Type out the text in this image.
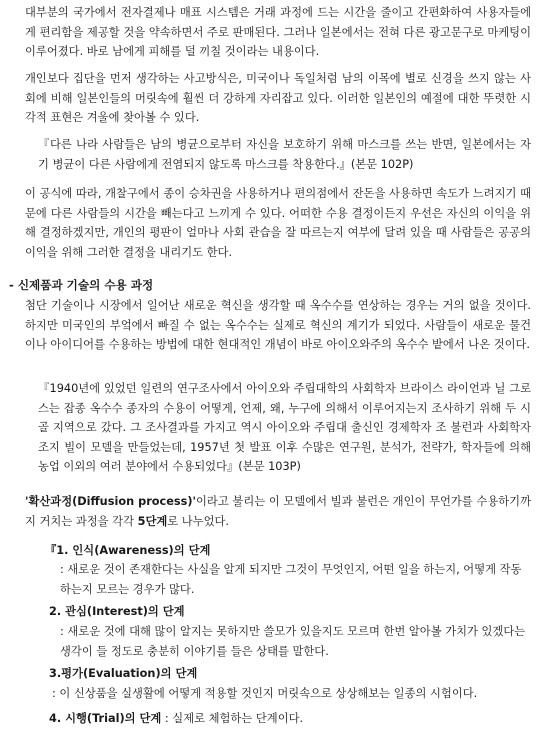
대부분의 국가에서 전자결제나 매표 시스템은 거래 과정에 드는 시간을 줄이고 간편화하여 사용자들에게 편리함을 제공할 것을 약속하면서 주로 판매된다. 그러나 일본에서는 전혀 다른 광고문구로 마케팅이 이루어졌다. 바로 남에게 피해를 덜 끼칠 것이라는 내용이다.

개인보다 집단을 먼저 생각하는 사고방식은, 미국이나 독일처럼 남의 이목에 별로 신경을 쓰지 않는 사회에 비해 일본인들의 머릿속에 훨씬 더 강하게 자리잡고 있다. 이러한 일본인의 예절에 대한 뚜렷한 시각적 표현은 겨울에 찾아볼 수 있다.

『다른 나라 사람들은 남의 병균으로부터 자신을 보호하기 위해 마스크를 쓰는 반면, 일본에서는 자기 병균이 다른 사람에게 전염되지 않도록 마스크를 착용한다.』(본문 102P)

이 공식에 따라, 개찰구에서 종이 승차권을 사용하거나 편의점에서 잔돈을 사용하면 속도가 느려지기 때문에 다른 사람들의 시간을 빼는다고 느끼게 수 있다. 어떠한 수용 결정이든지 우선은 자신의 이익을 위해 결정하겠지만, 개인의 평판이 얼마나 사회 관습을 잘 따르는지 여부에 달려 있을 때 사람들은 공공의 이익을 위해 그러한 결정을 내리기도 한다.

- 신제품과 기술의 수용 과정

첨단 기술이나 시장에서 일어난 새로운 혁신을 생각할 때 옥수수를 연상하는 경우는 거의 없을 것이다. 하지만 미국인의 부엌에서 빠질 수 없는 옥수수는 실제로 혁신의 계기가 되었다. 사람들이 새로운 물건이나 아이디어를 수용하는 방법에 대한 현대적인 개념이 바로 아이오와주의 옥수수 밭에서 나온 것이다.

『1940년에 있었던 일련의 연구조사에서 아이오와 주립대학의 사회학자 브라이스 라이언과 닐 그로스는 잡종 옥수수 종자의 수용이 어떻게, 언제, 왜, 누구에 의해서 이루어지는지 조사하기 위해 두 시골 지역으로 갔다. 그 조사결과를 가지고 역시 아이오와 주립대 출신인 경제학자 조 불런과 사회학자 조지 빌이 모델을 만들었는데, 1957년 첫 발표 이후 수많은 연구원, 분석가, 전략가, 학자들에 의해 농업 이외의 여러 분야에서 수용되었다』(본문 103P)

'확산과정(Diffusion process)'이라고 불리는 이 모델에서 빌과 불런은 개인이 무언가를 수용하기까지 거치는 과정을 각각 5단계로 나누었다.

『1. 인식(Awareness)의 단계

: 새로운 것이 존재한다는 사실을 알게 되지만 그것이 무엇인지, 어떤 일을 하는지, 어떻게 작동하는지 모르는 경우가 많다.

2. 관심(Interest)의 단계

: 새로운 것에 대해 많이 알지는 못하지만 쓸모가 있을지도 모르며 한번 알아볼 가치가 있겠다는 생각이 들 정도로 충분히 이야기를 들은 상태를 말한다.

3.평가(Evaluation)의 단계

: 이 신상품을 실생활에 어떻게 적용할 것인지 머릿속으로 상상해보는 일종의 시험이다.

4. 시행(Trial)의 단계 : 실제로 체험하는 단계이다.
